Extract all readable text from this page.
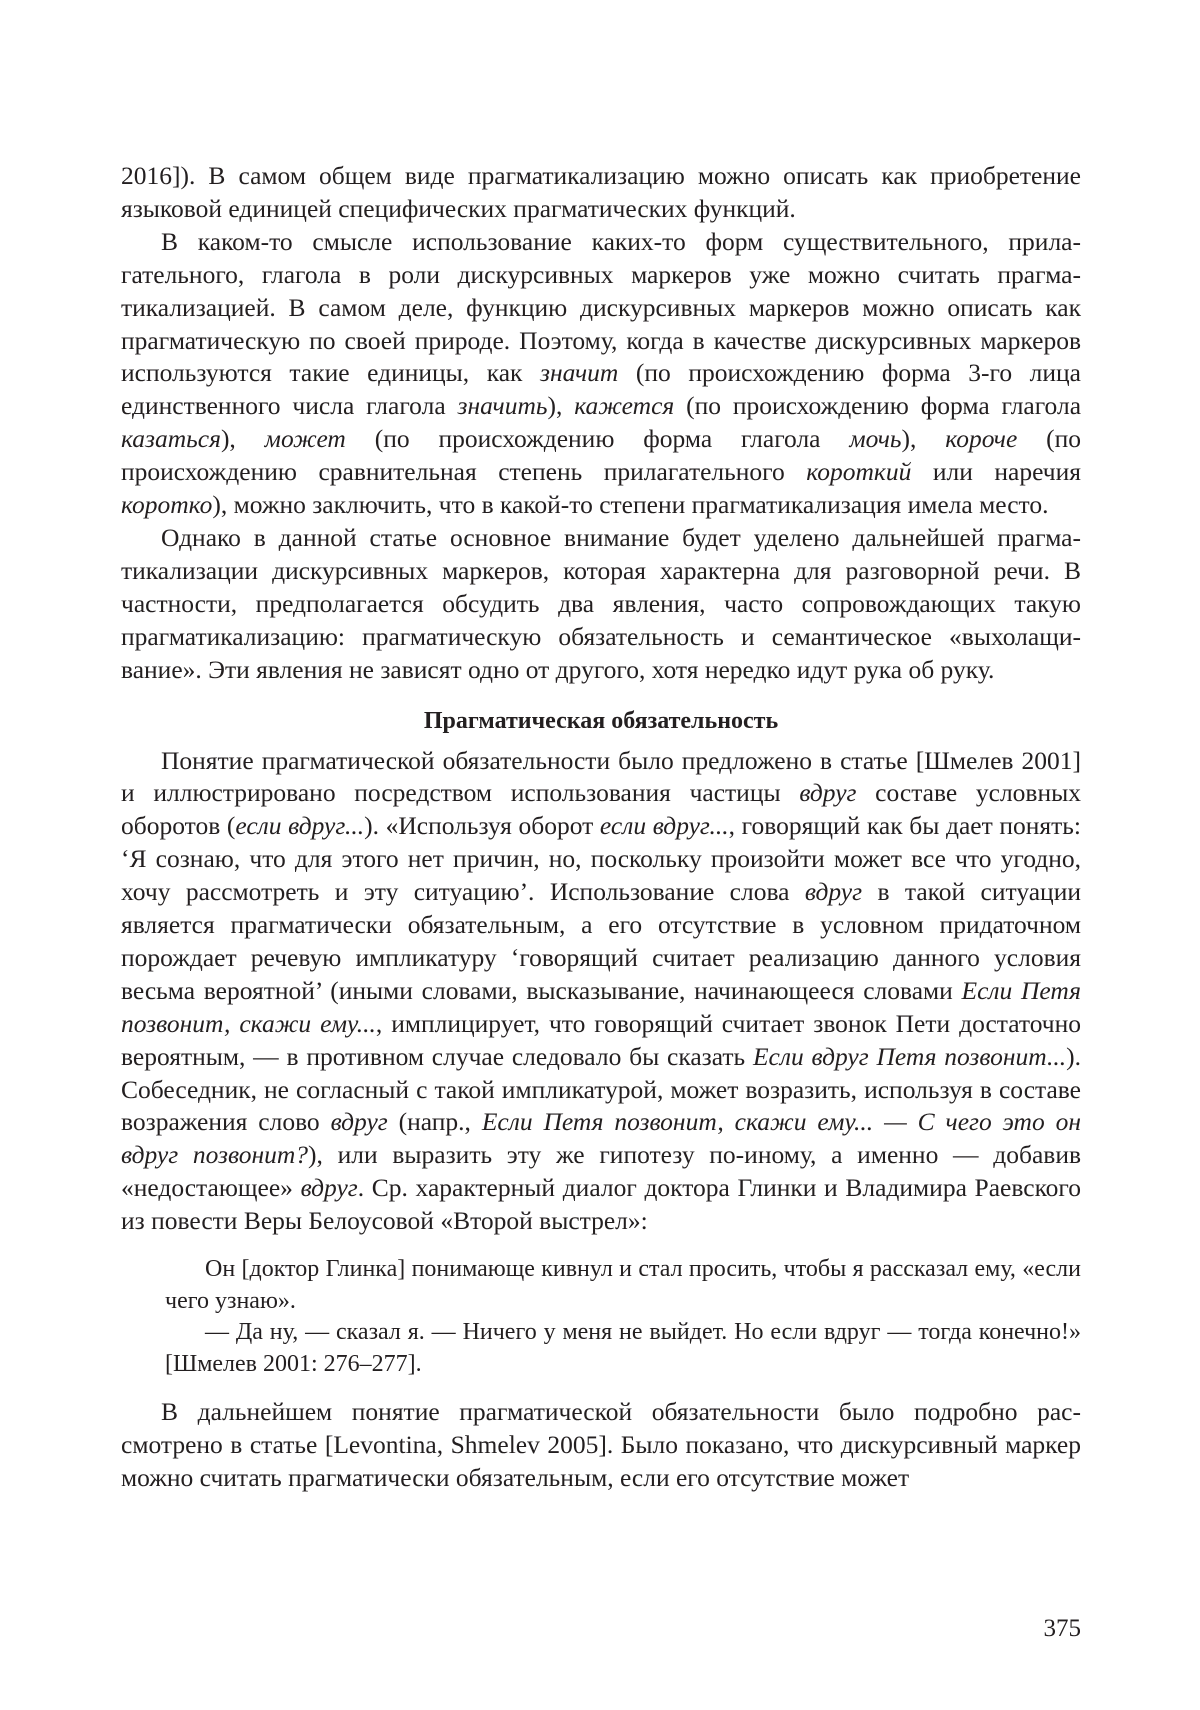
2016]). В самом общем виде прагматикализацию можно описать как приобретение языковой единицей специфических прагматических функций.

В каком-то смысле использование каких-то форм существительного, прилагательного, глагола в роли дискурсивных маркеров уже можно считать прагматикализацией. В самом деле, функцию дискурсивных маркеров можно описать как прагматическую по своей природе. Поэтому, когда в качестве дискурсивных маркеров используются такие единицы, как значит (по происхождению форма 3-го лица единственного числа глагола значить), кажется (по происхождению форма глагола казаться), может (по происхождению форма глагола мочь), короче (по происхождению сравнительная степень прилагательного короткий или наречия коротко), можно заключить, что в какой-то степени прагматикализация имела место.

Однако в данной статье основное внимание будет уделено дальнейшей прагматикализации дискурсивных маркеров, которая характерна для разговорной речи. В частности, предполагается обсудить два явления, часто сопровождающих такую прагматикализацию: прагматическую обязательность и семантическое «выхолащивание». Эти явления не зависят одно от другого, хотя нередко идут рука об руку.

Прагматическая обязательность

Понятие прагматической обязательности было предложено в статье [Шмелев 2001] и иллюстрировано посредством использования частицы вдруг составе условных оборотов (если вдруг...). «Используя оборот если вдруг..., говорящий как бы дает понять: ‘Я сознаю, что для этого нет причин, но, поскольку произойти может все что угодно, хочу рассмотреть и эту ситуацию’. Использование слова вдруг в такой ситуации является прагматически обязательным, а его отсутствие в условном придаточном порождает речевую импликатуру ‘говорящий считает реализацию данного условия весьма вероятной’ (иными словами, высказывание, начинающееся словами Если Петя позвонит, скажи ему..., имплицирует, что говорящий считает звонок Пети достаточно вероятным, — в противном случае следовало бы сказать Если вдруг Петя позвонит...). Собеседник, не согласный с такой импликатурой, может возразить, используя в составе возражения слово вдруг (напр., Если Петя позвонит, скажи ему... — С чего это он вдруг позвонит?), или выразить эту же гипотезу по-иному, а именно — добавив «недостающее» вдруг. Ср. характерный диалог доктора Глинки и Владимира Раевского из повести Веры Белоусовой «Второй выстрел»:

Он [доктор Глинка] понимающе кивнул и стал просить, чтобы я рассказал ему, «если чего узнаю».

— Да ну, — сказал я. — Ничего у меня не выйдет. Но если вдруг — тогда конечно!» [Шмелев 2001: 276–277].

В дальнейшем понятие прагматической обязательности было подробно рассмотрено в статье [Levontina, Shmelev 2005]. Было показано, что дискурсивный маркер можно считать прагматически обязательным, если его отсутствие может

375
